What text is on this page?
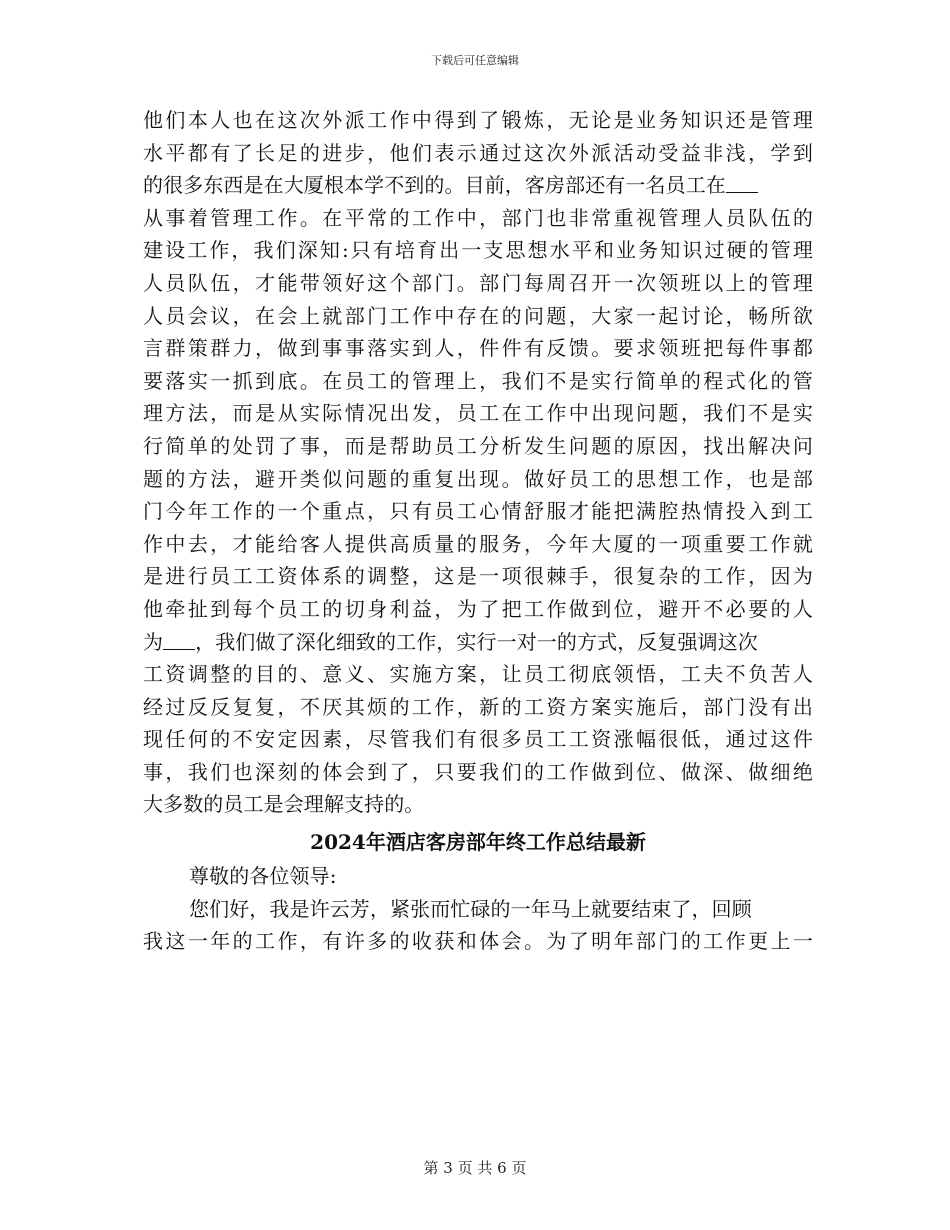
下载后可任意编辑
他们本人也在这次外派工作中得到了锻炼，无论是业务知识还是管理
水平都有了长足的进步，他们表示通过这次外派活动受益非浅，学到
的很多东西是在大厦根本学不到的。目前，客房部还有一名员工在
从事着管理工作。在平常的工作中，部门也非常重视管理人员队伍的
建设工作，我们深知:只有培育出一支思想水平和业务知识过硬的管理
人员队伍，才能带领好这个部门。部门每周召开一次领班以上的管理
人员会议，在会上就部门工作中存在的问题，大家一起讨论，畅所欲
言群策群力，做到事事落实到人，件件有反馈。要求领班把每件事都
要落实一抓到底。在员工的管理上，我们不是实行简单的程式化的管
理方法，而是从实际情况出发，员工在工作中出现问题，我们不是实
行简单的处罚了事，而是帮助员工分析发生问题的原因，找出解决问
题的方法，避开类似问题的重复出现。做好员工的思想工作，也是部
门今年工作的一个重点，只有员工心情舒服才能把满腔热情投入到工
作中去，才能给客人提供高质量的服务，今年大厦的一项重要工作就
是进行员工工资体系的调整，这是一项很棘手，很复杂的工作，因为
他牵扯到每个员工的切身利益，为了把工作做到位，避开不必要的人
为 ，我们做了深化细致的工作，实行一对一的方式，反复强调这次
工资调整的目的、意义、实施方案，让员工彻底领悟，工夫不负苦人
经过反反复复，不厌其烦的工作，新的工资方案实施后，部门没有出
现任何的不安定因素，尽管我们有很多员工工资涨幅很低，通过这件
事，我们也深刻的体会到了，只要我们的工作做到位、做深、做细绝
大多数的员工是会理解支持的。
2024年酒店客房部年终工作总结最新
尊敬的各位领导:
您们好，我是许云芳，紧张而忙碌的一年马上就要结束了，回顾
我这一年的工作，有许多的收获和体会。为了明年部门的工作更上一
第 3 页 共 6 页
